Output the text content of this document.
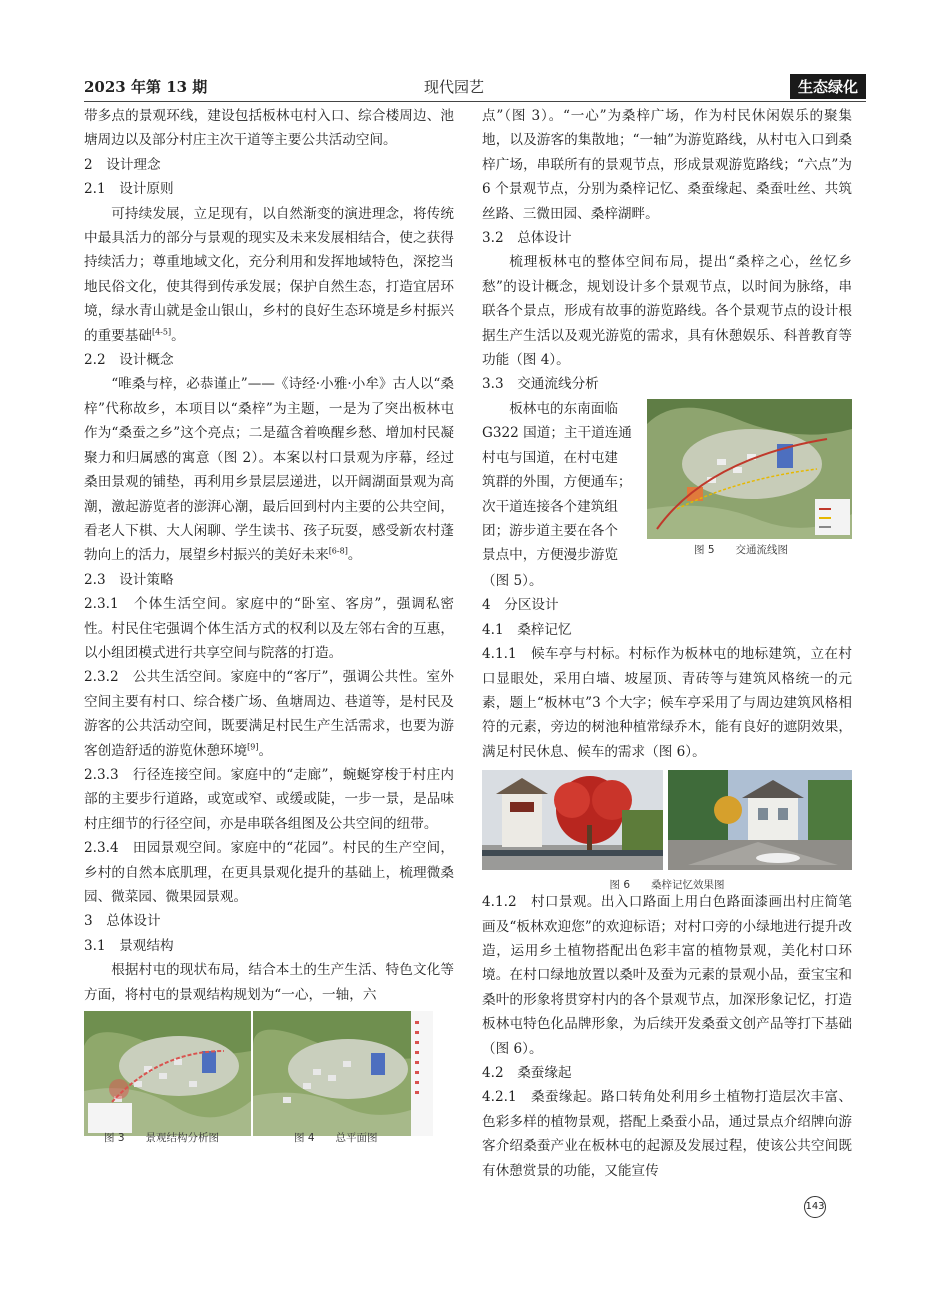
2023 年第 13 期	现代园艺	生态绿化

带多点的景观环线，建设包括板林屯村入口、综合楼周边、池塘周边以及部分村庄主次干道等主要公共活动空间。

2　设计理念

2.1　设计原则

可持续发展，立足现有，以自然渐变的演进理念，将传统中最具活力的部分与景观的现实及未来发展相结合，使之获得持续活力；尊重地域文化，充分利用和发挥地域特色，深挖当地民俗文化，使其得到传承发展；保护自然生态，打造宜居环境，绿水青山就是金山银山，乡村的良好生态环境是乡村振兴的重要基础[4-5]。

2.2　设计概念

“唯桑与梓，必恭谨止”——《诗经·小雅·小牟》古人以“桑梓”代称故乡，本项目以“桑梓”为主题，一是为了突出板林屯作为“桑蚕之乡”这个亮点；二是蕴含着唤醒乡愁、增加村民凝聚力和归属感的寓意（图 2）。本案以村口景观为序幕，经过桑田景观的铺垫，再利用乡景层层递进，以开阔湖面景观为高潮，激起游览者的澎湃心潮，最后回到村内主要的公共空间，看老人下棋、大人闲聊、学生读书、孩子玩耍，感受新农村蓬勃向上的活力，展望乡村振兴的美好未来[6-8]。

2.3　设计策略

2.3.1　个体生活空间。家庭中的“卧室、客房”，强调私密性。村民住宅强调个体生活方式的权利以及左邻右舍的互惠，以小组团模式进行共享空间与院落的打造。

2.3.2　公共生活空间。家庭中的“客厅”，强调公共性。室外空间主要有村口、综合楼广场、鱼塘周边、巷道等，是村民及游客的公共活动空间，既要满足村民生产生活需求，也要为游客创造舒适的游览休憩环境[9]。

2.3.3　行径连接空间。家庭中的“走廊”，蜿蜒穿梭于村庄内部的主要步行道路，或宽或窄、或缓或陡，一步一景，是品味村庄细节的行径空间，亦是串联各组图及公共空间的纽带。

2.3.4　田园景观空间。家庭中的“花园”。村民的生产空间，乡村的自然本底肌理，在更具景观化提升的基础上，梳理微桑园、微菜园、微果园景观。

3　总体设计

3.1　景观结构

根据村屯的现状布局，结合本土的生产生活、特色文化等方面，将村屯的景观结构规划为“一心，一轴，六

图 3　　景观结构分析图	图 4　　总平面图

点”（图 3）。“一心”为桑梓广场，作为村民休闲娱乐的聚集地，以及游客的集散地；“一轴”为游览路线，从村屯入口到桑梓广场，串联所有的景观节点，形成景观游览路线；“六点”为 6 个景观节点，分别为桑梓记忆、桑蚕缘起、桑蚕吐丝、共筑丝路、三微田园、桑梓湖畔。

3.2　总体设计

梳理板林屯的整体空间布局，提出“桑梓之心，丝忆乡愁”的设计概念，规划设计多个景观节点，以时间为脉络，串联各个景点，形成有故事的游览路线。各个景观节点的设计根据生产生活以及观光游览的需求，具有休憩娱乐、科普教育等功能（图 4）。

3.3　交通流线分析

板林屯的东南面临
G322 国道；主干道连通
村屯与国道，在村屯建
筑群的外围，方便通车；
次干道连接各个建筑组
团；游步道主要在各个
景点中，方便漫步游览	图 5　　交通流线图

（图 5）。

4　分区设计

4.1　桑梓记忆

4.1.1　候车亭与村标。村标作为板林屯的地标建筑，立在村口显眼处，采用白墙、坡屋顶、青砖等与建筑风格统一的元素，题上“板林屯”3 个大字；候车亭采用了与周边建筑风格相符的元素，旁边的树池种植常绿乔木，能有良好的遮阴效果，满足村民休息、候车的需求（图 6）。

图 6　　桑梓记忆效果图

4.1.2　村口景观。出入口路面上用白色路面漆画出村庄简笔画及“板林欢迎您”的欢迎标语；对村口旁的小绿地进行提升改造，运用乡土植物搭配出色彩丰富的植物景观，美化村口环境。在村口绿地放置以桑叶及蚕为元素的景观小品，蚕宝宝和桑叶的形象将贯穿村内的各个景观节点，加深形象记忆，打造板林屯特色化品牌形象，为后续开发桑蚕文创产品等打下基础（图 6）。

4.2　桑蚕缘起

4.2.1　桑蚕缘起。路口转角处利用乡土植物打造层次丰富、色彩多样的植物景观，搭配上桑蚕小品，通过景点介绍牌向游客介绍桑蚕产业在板林屯的起源及发展过程，使该公共空间既有休憩赏景的功能，又能宣传

143
